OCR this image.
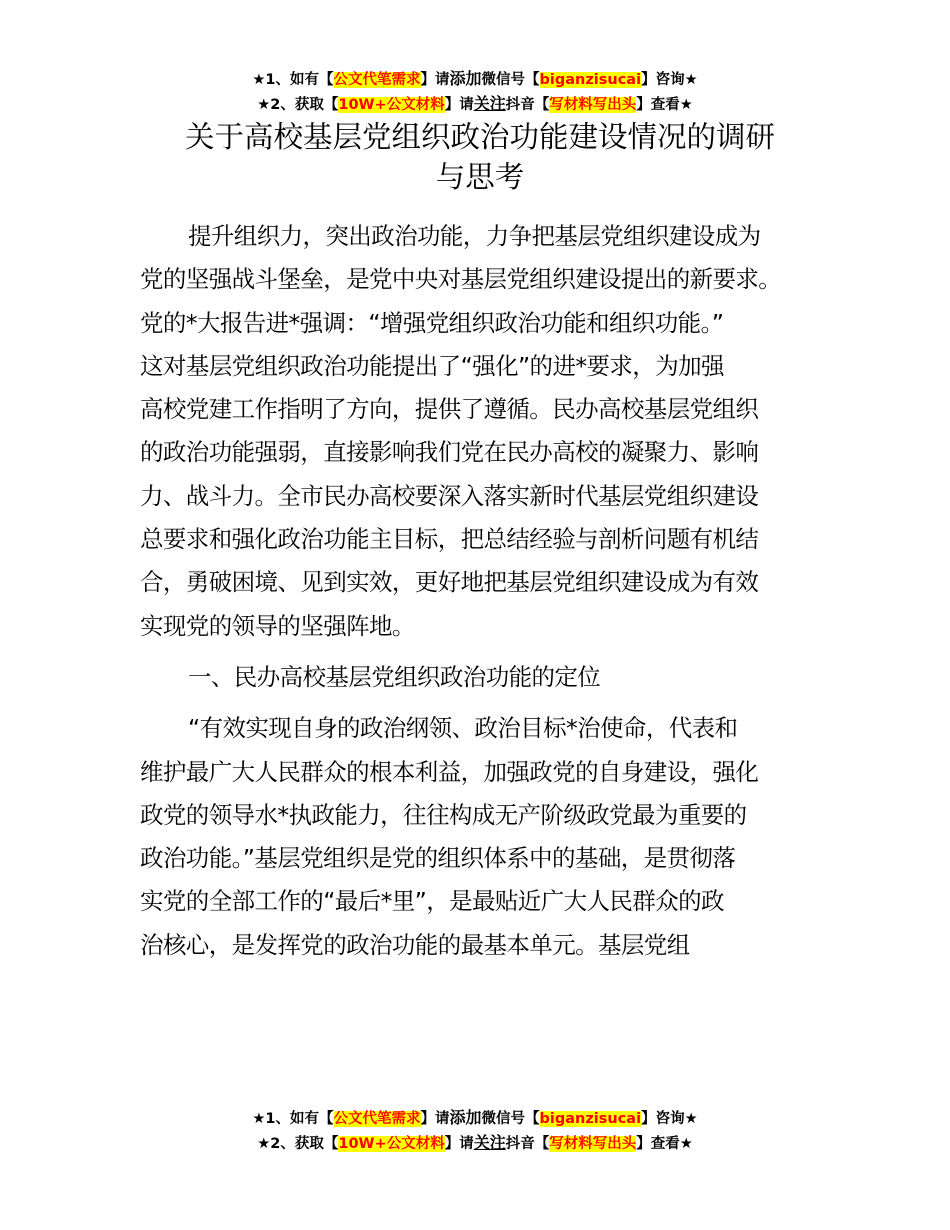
★1、如有【公文代笔需求】请添加微信号【biganzisucai】咨询★
★2、获取【10W+公文材料】请关注抖音【写材料写出头】查看★
关于高校基层党组织政治功能建设情况的调研
与思考

提升组织力，突出政治功能，力争把基层党组织建设成为
党的坚强战斗堡垒，是党中央对基层党组织建设提出的新要求。
党的*大报告进*强调：“增强党组织政治功能和组织功能。”
这对基层党组织政治功能提出了“强化”的进*要求，为加强
高校党建工作指明了方向，提供了遵循。民办高校基层党组织
的政治功能强弱，直接影响我们党在民办高校的凝聚力、影响
力、战斗力。全市民办高校要深入落实新时代基层党组织建设
总要求和强化政治功能主目标，把总结经验与剖析问题有机结
合，勇破困境、见到实效，更好地把基层党组织建设成为有效
实现党的领导的坚强阵地。

一、民办高校基层党组织政治功能的定位

“有效实现自身的政治纲领、政治目标*治使命，代表和
维护最广大人民群众的根本利益，加强政党的自身建设，强化
政党的领导水*执政能力，往往构成无产阶级政党最为重要的
政治功能。”基层党组织是党的组织体系中的基础，是贯彻落
实党的全部工作的“最后*里”，是最贴近广大人民群众的政
治核心，是发挥党的政治功能的最基本单元。基层党组

★1、如有【公文代笔需求】请添加微信号【biganzisucai】咨询★
★2、获取【10W+公文材料】请关注抖音【写材料写出头】查看★
